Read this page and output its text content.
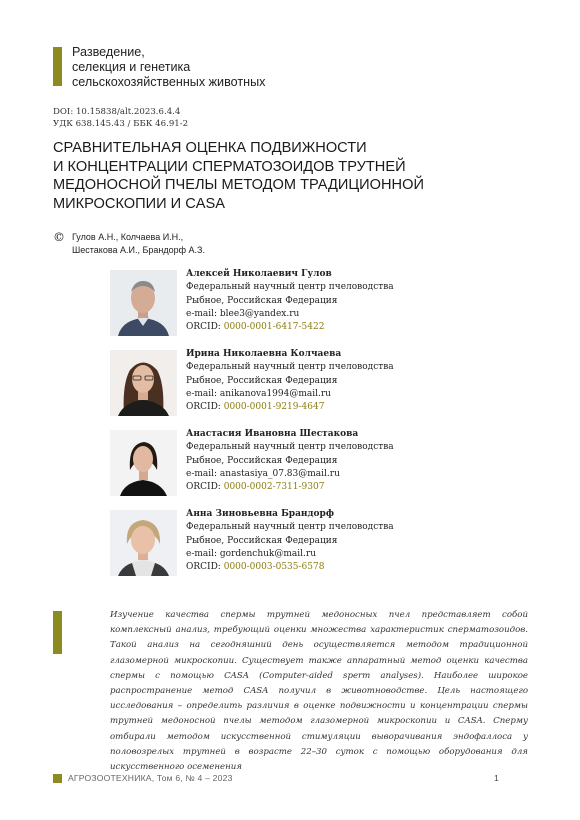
Разведение,
селекция и генетика
сельскохозяйственных животных
DOI: 10.15838/alt.2023.6.4.4
УДК 638.145.43 / ББК 46.91-2
СРАВНИТЕЛЬНАЯ ОЦЕНКА ПОДВИЖНОСТИ
И КОНЦЕНТРАЦИИ СПЕРМАТОЗОИДОВ ТРУТНЕЙ
МЕДОНОСНОЙ ПЧЕЛЫ МЕТОДОМ ТРАДИЦИОННОЙ
МИКРОСКОПИИ И CASA
© Гулов А.Н., Колчаева И.Н.,
Шестакова А.И., Брандорф А.З.
Алексей Николаевич Гулов
Федеральный научный центр пчеловодства
Рыбное, Российская Федерация
e-mail: blee3@yandex.ru
ORCID: 0000-0001-6417-5422
Ирина Николаевна Колчаева
Федеральный научный центр пчеловодства
Рыбное, Российская Федерация
e-mail: anikanova1994@mail.ru
ORCID: 0000-0001-9219-4647
Анастасия Ивановна Шестакова
Федеральный научный центр пчеловодства
Рыбное, Российская Федерация
e-mail: anastasiya_07.83@mail.ru
ORCID: 0000-0002-7311-9307
Анна Зиновьевна Брандорф
Федеральный научный центр пчеловодства
Рыбное, Российская Федерация
e-mail: gordenchuk@mail.ru
ORCID: 0000-0003-0535-6578

Изучение качества спермы трутней медоносных пчел представляет собой комплексный анализ, требующий оценки множества характеристик сперматозоидов. Такой анализ на сегодняшний день осуществляется методом традиционной глазомерной микроскопии. Существует также аппаратный метод оценки качества спермы с помощью CASA (Computer-aided sperm analyses). Наиболее широкое распространение метод CASA получил в животноводстве. Цель настоящего исследования – определить различия в оценке подвижности и концентрации спермы трутней медоносной пчелы методом глазомерной микроскопии и CASA. Сперму отбирали методом искусственной стимуляции выворачивания эндофаллоса у половозрелых трутней в возрасте 22–30 суток с помощью оборудования для искусственного осеменения

АГРОЗООТЕХНИКА, Том 6, № 4 – 2023	1
